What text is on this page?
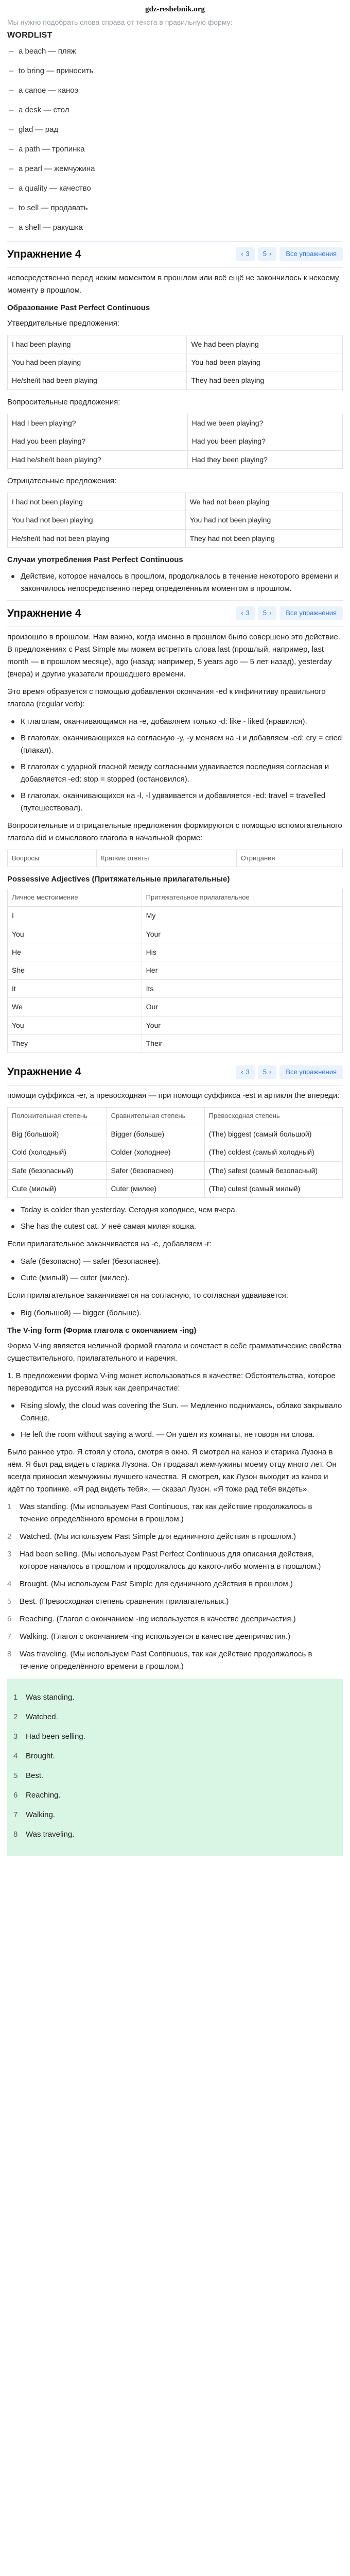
gdz-reshebnik.org
Мы нужно подобрать слова справа от текста в правильную форму:
WORDLIST
– a beach — пляж
– to bring — приносить
– a canoe — каноэ
– a desk — стол
– glad — рад
– a path — тропинка
– a pearl — жемчужина
– a quality — качество
– to sell — продавать
– a shell — ракушка
Упражнение 4	‹ 3 5 ›	Все упражнения

непосредственно перед неким моментом в прошлом или всё ещё не закончилось к некоему моменту в прошлом.

Образование Past Perfect Continuous

Утвердительные предложения:

I had been playing	We had been playing
You had been playing	You had been playing
He/she/it had been playing	They had been playing

Вопросительные предложения:

Had I been playing?	Had we been playing?
Had you been playing?	Had you been playing?
Had he/she/it been playing?	Had they been playing?

Отрицательные предложения:

I had not been playing	We had not been playing
You had not been playing	You had not been playing
He/she/it had not been playing	They had not been playing
Случаи употребления Past Perfect Continuous
Действие, которое началось в прошлом, продолжалось в течение некоторого времени и закончилось непосредственно перед определённым моментом в прошлом.
Упражнение 4	‹ 3 5 ›	Все упражнения

произошло в прошлом. Нам важно, когда именно в прошлом было совершено это действие. В предложениях с Past Simple мы можем встретить слова last (прошлый, например, last month — в прошлом месяце), ago (назад: например, 5 years ago — 5 лет назад), yesterday (вчера) и другие указатели прошедшего времени.

Это время образуется с помощью добавления окончания -ed к инфинитиву правильного глагола (regular verb):

К глаголам, оканчивающимся на -e, добавляем только -d: like - liked (нравился).
В глаголах, оканчивающихся на согласную -y, -y меняем на -i и добавляем -ed: cry = cried (плакал).
В глаголах с ударной гласной между согласными удваивается последняя согласная и добавляется -ed: stop = stopped (остановился).
В глаголах, оканчивающихся на -l, -l удваивается и добавляется -ed: travel = travelled (путешествовал).

Вопросительные и отрицательные предложения формируются с помощью вспомогательного глагола did и смыслового глагола в начальной форме:

Вопросы	Краткие ответы	Отрицания
Possessive Adjectives (Притяжательные прилагательные)
Личное местоимение	Притяжательное прилагательное
I	My
You	Your
He	His
She	Her
It	Its
We	Our
You	Your
They	Their
Упражнение 4	‹ 3 5 ›	Все упражнения

помощи суффикса -er, а превосходная — при помощи суффикса -est и артикля the впереди:

Положительная степень	Сравнительная степень	Превосходная степень
Big (большой)	Bigger (больше)	(The) biggest (самый большой)
Cold (холодный)	Colder (холоднее)	(The) coldest (самый холодный)
Safe (безопасный)	Safer (безопаснее)	(The) safest (самый безопасный)
Cute (милый)	Cuter (милее)	(The) cutest (самый милый)
Today is colder than yesterday. Сегодня холоднее, чем вчера.
She has the cutest cat. У неё самая милая кошка.

Если прилагательное заканчивается на -e, добавляем -r:

Safe (безопасно) — safer (безопаснее).
Cute (милый) — cuter (милее).

Если прилагательное заканчивается на согласную, то согласная удваивается:

Big (большой) — bigger (больше).
The V-ing form (Форма глагола с окончанием -ing)

Форма V-ing является неличной формой глагола и сочетает в себе грамматические свойства существительного, прилагательного и наречия.

1. В предложении форма V-ing может использоваться в качестве: Обстоятельства, которое переводится на русский язык как деепричастие:

Rising slowly, the cloud was covering the Sun. — Медленно поднимаясь, облако закрывало Солнце.
He left the room without saying a word. — Он ушёл из комнаты, не говоря ни слова.

Было раннее утро. Я стоял у стола, смотря в окно. Я смотрел на каноэ и старика Лузона в нём. Я был рад видеть старика Лузона. Он продавал жемчужины моему отцу много лет. Он всегда приносил жемчужины лучшего качества. Я смотрел, как Лузон выходит из каноэ и идёт по тропинке. «Я рад видеть тебя», — сказал Лузон. «Я тоже рад тебя видеть».

1	Was standing. (Мы используем Past Continuous, так как действие продолжалось в течение определённого времени в прошлом.)
2	Watched. (Мы используем Past Simple для единичного действия в прошлом.)
3	Had been selling. (Мы используем Past Perfect Continuous для описания действия, которое началось в прошлом и продолжалось до какого-либо момента в прошлом.)
4	Brought. (Мы используем Past Simple для единичного действия в прошлом.)
5	Best. (Превосходная степень сравнения прилагательных.)
6	Reaching. (Глагол с окончанием -ing используется в качестве деепричастия.)
7	Walking. (Глагол с окончанием -ing используется в качестве деепричастия.)
8	Was traveling. (Мы используем Past Continuous, так как действие продолжалось в течение определённого времени в прошлом.)
1	Was standing.
2	Watched.
3	Had been selling.
4	Brought.
5	Best.
6	Reaching.
7	Walking.
8	Was traveling.
